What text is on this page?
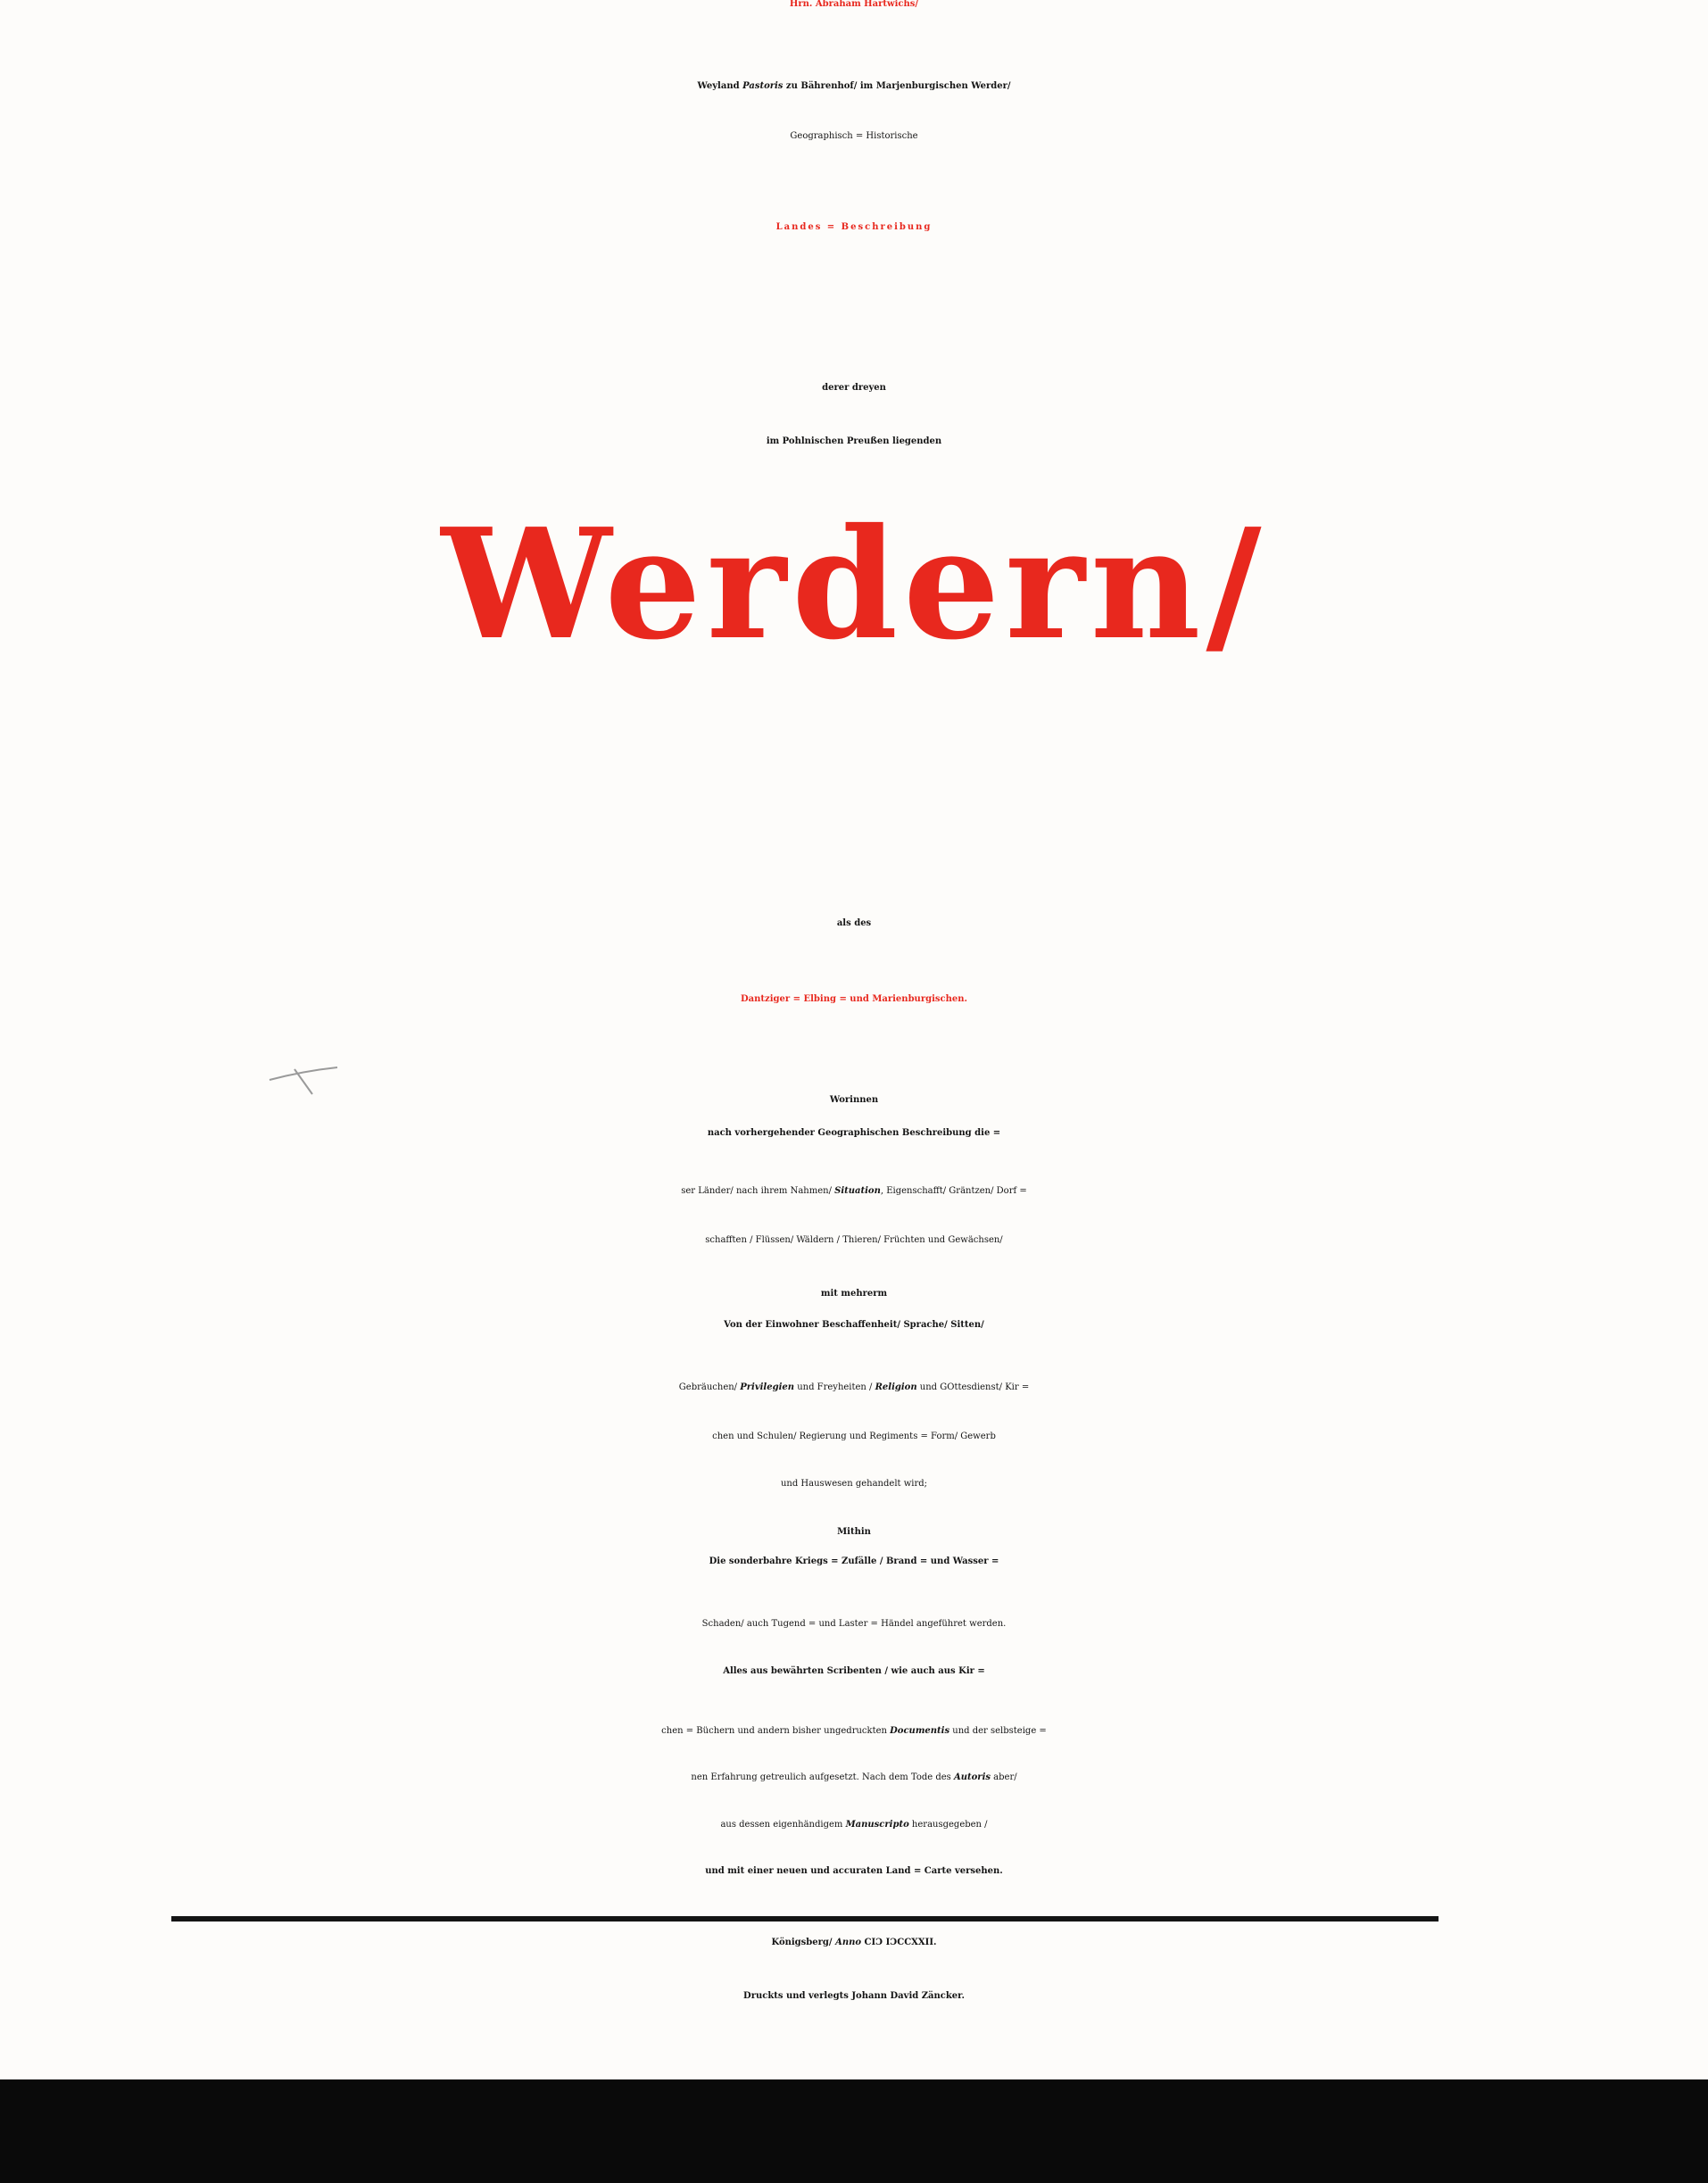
Hrn. Abraham Hartwichs/
Weyland Pastoris zu Bährenhof/ im Marjenburgischen Werder/
Geographisch = Historische
Landes = Beschreibung
derer dreyen
im Pohlnischen Preußen liegenden
Werdern/
als des
Dantziger = Elbing = und Marienburgischen.
Worinnen
nach vorhergehender Geographischen Beschreibung die =
ser Länder/ nach ihrem Nahmen/ Situation, Eigenschafft/ Gräntzen/ Dorf =
schafften / Flüssen/ Wäldern / Thieren/ Früchten und Gewächsen/
mit mehrerm
Von der Einwohner Beschaffenheit/ Sprache/ Sitten/
Gebräuchen/ Privilegien und Freyheiten / Religion und GOttesdienst/ Kir =
chen und Schulen/ Regierung und Regiments = Form/ Gewerb
und Hauswesen gehandelt wird;
Mithin
Die sonderbahre Kriegs = Zufälle / Brand = und Wasser =
Schaden/ auch Tugend = und Laster = Händel angeführet werden.
Alles aus bewährten Scribenten / wie auch aus Kir =
chen = Büchern und andern bisher ungedruckten Documentis und der selbsteige =
nen Erfahrung getreulich aufgesetzt. Nach dem Tode des Autoris aber/
aus dessen eigenhändigem Manuscripto herausgegeben /
und mit einer neuen und accuraten Land = Carte versehen.
Königsberg/ Anno CIƆ IƆCCXXII.
Druckts und verlegts Johann David Zäncker.
